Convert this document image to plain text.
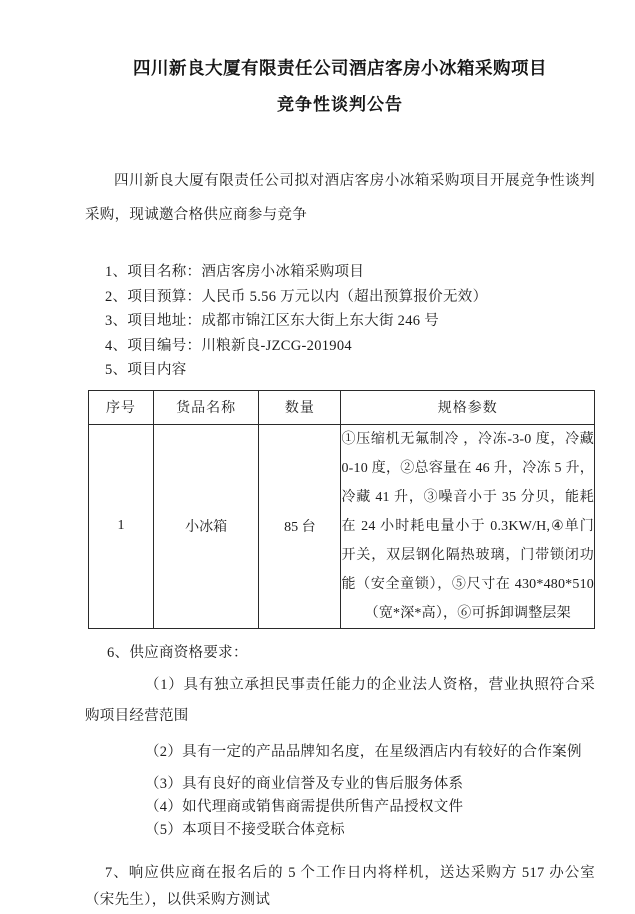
四川新良大厦有限责任公司酒店客房小冰箱采购项目
竞争性谈判公告

四川新良大厦有限责任公司拟对酒店客房小冰箱采购项目开展竞争性谈判采购，现诚邀合格供应商参与竞争

1、项目名称：酒店客房小冰箱采购项目

2、项目预算：人民币 5.56 万元以内（超出预算报价无效）

3、项目地址：成都市锦江区东大街上东大街 246 号

4、项目编号：川粮新良-JZCG-201904

5、项目内容

序号	货品名称	数量	规格参数
1	小冰箱	85 台	①压缩机无氟制冷 ，冷冻-3-0 度，冷藏 0-10 度，②总容量在 46 升，冷冻 5 升，冷藏 41 升，③噪音小于 35 分贝，能耗在 24 小时耗电量小于 0.3KW/H,④单门开关，双层钢化隔热玻璃，门带锁闭功能（安全童锁），⑤尺寸在 430*480*510（宽*深*高），⑥可拆卸调整层架

6、供应商资格要求：

（1）具有独立承担民事责任能力的企业法人资格，营业执照符合采购项目经营范围

（2）具有一定的产品品牌知名度，在星级酒店内有较好的合作案例

（3）具有良好的商业信誉及专业的售后服务体系

（4）如代理商或销售商需提供所售产品授权文件

（5）本项目不接受联合体竞标

7、响应供应商在报名后的 5 个工作日内将样机，送达采购方 517 办公室（宋先生），以供采购方测试
